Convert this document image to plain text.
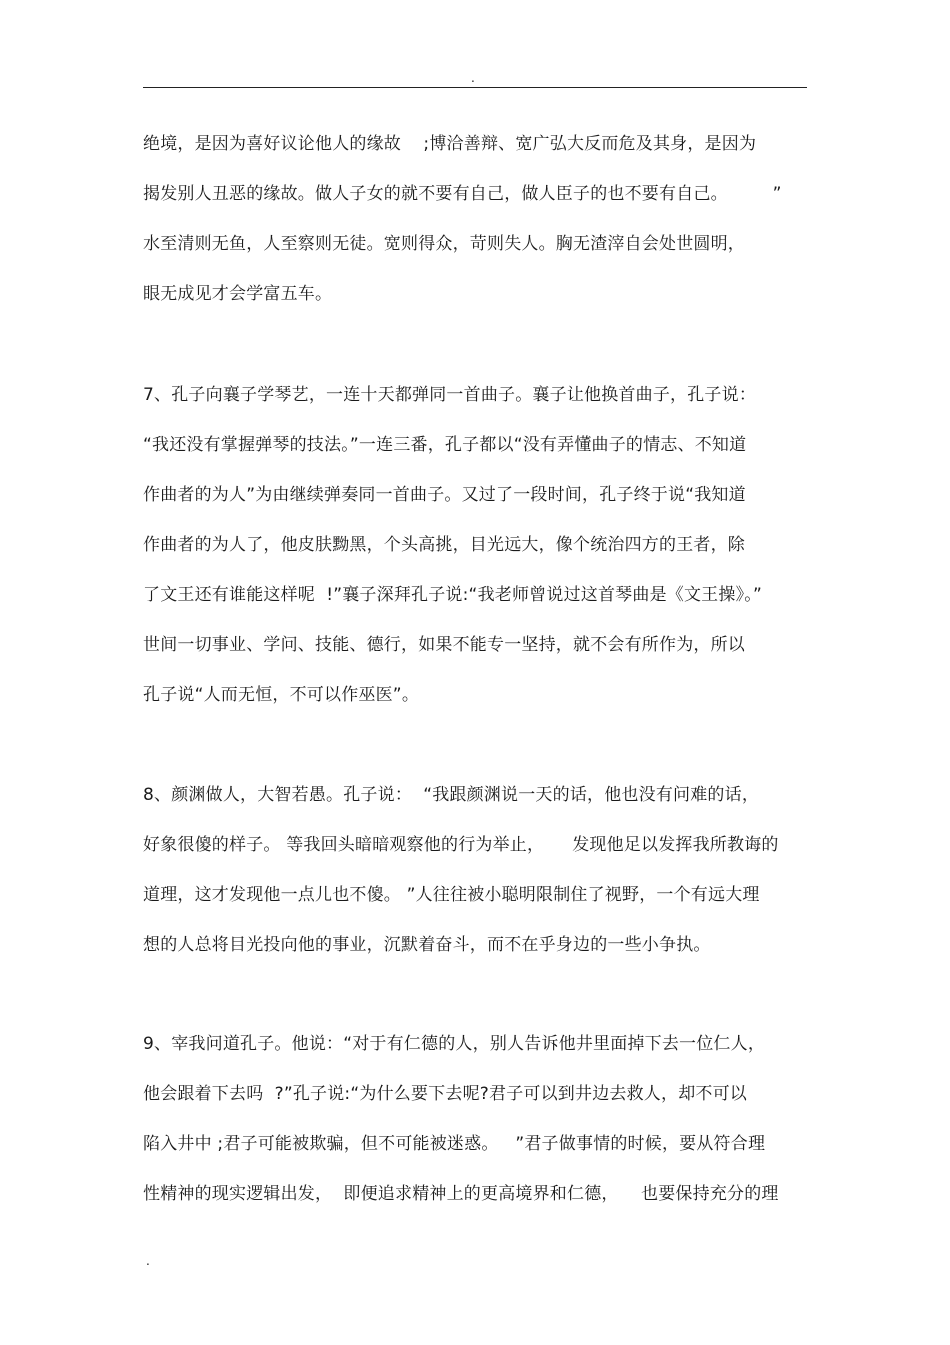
.
绝境，是因为喜好议论他人的缘故    ;博洽善辩、宽广弘大反而危及其身，是因为
揭发别人丑恶的缘故。做人子女的就不要有自己，做人臣子的也不要有自己。        ”
水至清则无鱼，人至察则无徒。宽则得众，苛则失人。胸无渣滓自会处世圆明，
眼无成见才会学富五车。
7、孔子向襄子学琴艺，一连十天都弹同一首曲子。襄子让他换首曲子，孔子说：
“我还没有掌握弹琴的技法。”一连三番，孔子都以“没有弄懂曲子的情志、不知道
作曲者的为人”为由继续弹奏同一首曲子。又过了一段时间，孔子终于说“我知道
作曲者的为人了，他皮肤黝黑，个头高挑，目光远大，像个统治四方的王者，除
了文王还有谁能这样呢  !”襄子深拜孔子说:“我老师曾说过这首琴曲是《文王操》。”
世间一切事业、学问、技能、德行，如果不能专一坚持，就不会有所作为，所以
孔子说“人而无恒，不可以作巫医”。
8、颜渊做人，大智若愚。孔子说：  “我跟颜渊说一天的话，他也没有问难的话，
好象很傻的样子。 等我回头暗暗观察他的行为举止，     发现他足以发挥我所教诲的
道理，这才发现他一点儿也不傻。 ”人往往被小聪明限制住了视野，一个有远大理
想的人总将目光投向他的事业，沉默着奋斗，而不在乎身边的一些小争执。
9、宰我问道孔子。他说：“对于有仁德的人，别人告诉他井里面掉下去一位仁人，
他会跟着下去吗  ?”孔子说:“为什么要下去呢?君子可以到井边去救人，却不可以
陷入井中 ;君子可能被欺骗，但不可能被迷惑。   ”君子做事情的时候，要从符合理
性精神的现实逻辑出发，  即便追求精神上的更高境界和仁德，    也要保持充分的理
.
